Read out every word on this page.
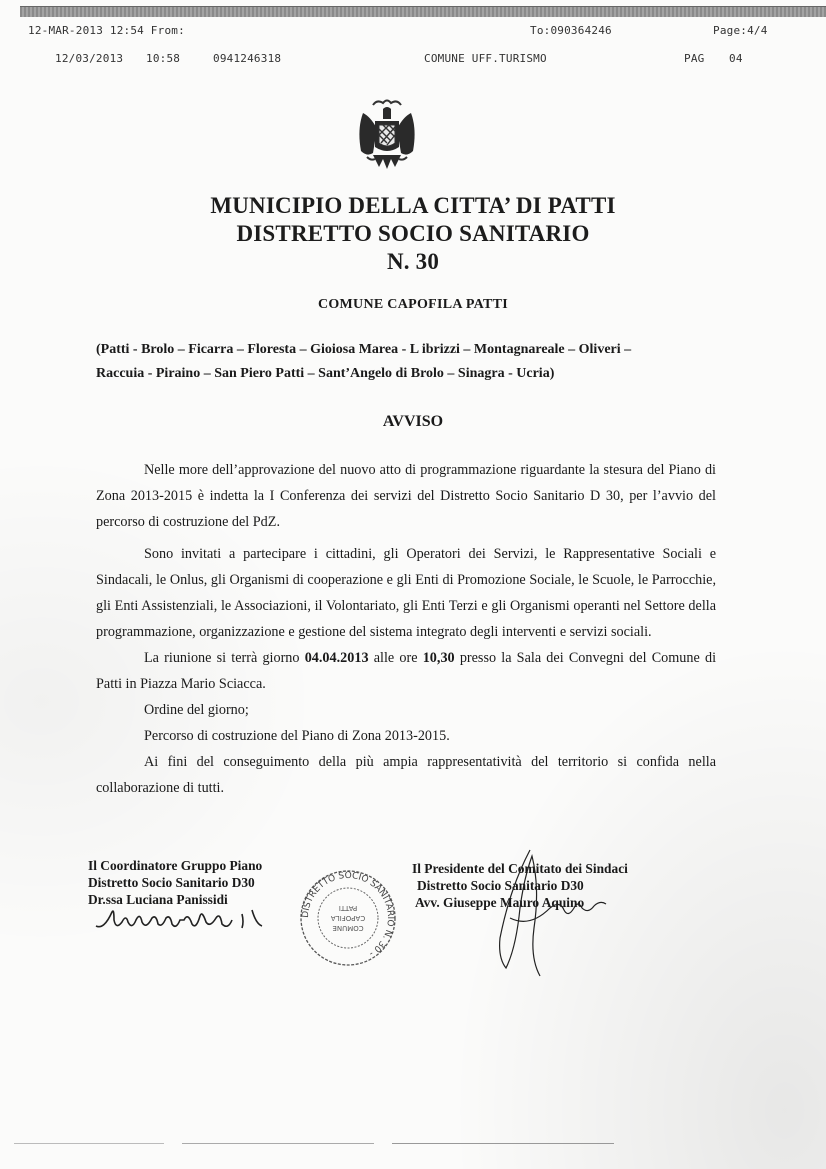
12-MAR-2013 12:54 From:	To:090364246	Page:4/4
12/03/2013 10:58	0941246318	COMUNE UFF.TURISMO	PAG 04
MUNICIPIO DELLA CITTA’ DI PATTI
DISTRETTO SOCIO SANITARIO
N. 30
COMUNE CAPOFILA PATTI
(Patti - Brolo – Ficarra – Floresta – Gioiosa Marea - L ibrizzi – Montagnareale – Oliveri –
Raccuia - Piraino – San Piero Patti – Sant’Angelo di Brolo – Sinagra - Ucria)
AVVISO

Nelle more dell’approvazione del nuovo atto di programmazione riguardante la stesura del Piano di Zona 2013-2015 è indetta la I Conferenza dei servizi del Distretto Socio Sanitario D 30, per l’avvio del percorso di costruzione del PdZ.

Sono invitati a partecipare i cittadini, gli Operatori dei Servizi, le Rappresentative Sociali e Sindacali, le Onlus, gli Organismi di cooperazione e gli Enti di Promozione Sociale, le Scuole, le Parrocchie, gli Enti Assistenziali, le Associazioni, il Volontariato, gli Enti Terzi e gli Organismi operanti nel Settore della programmazione, organizzazione e gestione del sistema integrato degli interventi e servizi sociali.

La riunione si terrà giorno 04.04.2013 alle ore 10,30 presso la Sala dei Convegni del Comune di Patti in Piazza Mario Sciacca.

Ordine del giorno;

Percorso di costruzione del Piano di Zona 2013-2015.

Ai fini del conseguimento della più ampia rappresentatività del territorio si confida nella collaborazione di tutti.

Il Coordinatore Gruppo Piano
Distretto Socio Sanitario D30
Dr.ssa Luciana Panissidi
DISTRETTO SOCIO SANITARIO N. 30 -
COMUNE
CAPOFILA
PATTI
Il Presidente del Comitato dei Sindaci
Distretto Socio Sanitario D30
Avv. Giuseppe Mauro Aquino
